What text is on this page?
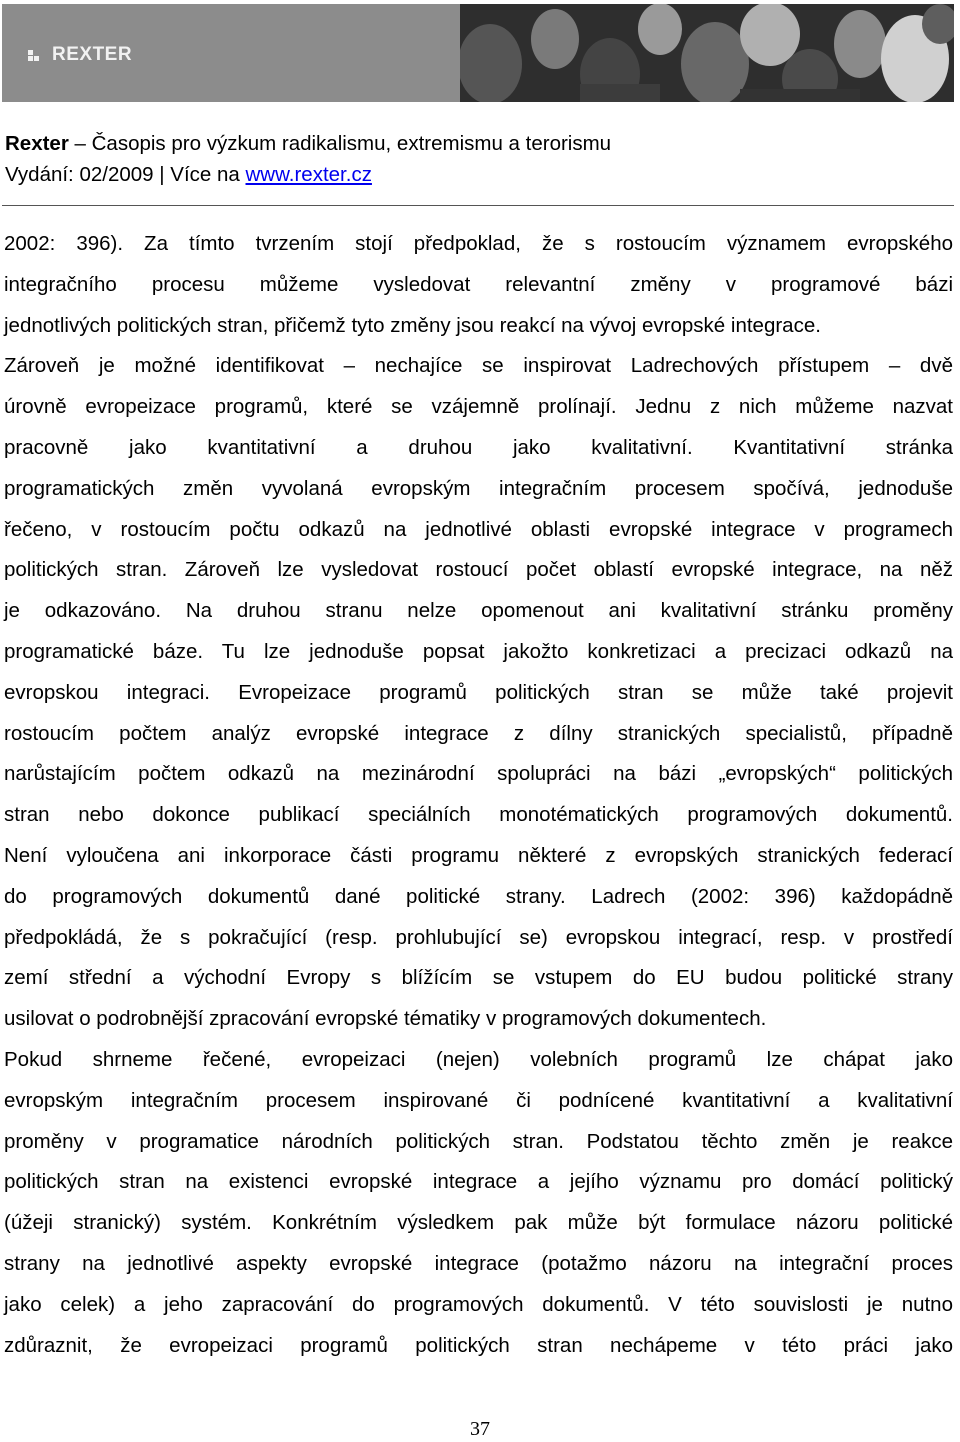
REXTER
Rexter – Časopis pro výzkum radikalismu, extremismu a terorismu
Vydání: 02/2009 | Více na www.rexter.cz
2002: 396). Za tímto tvrzením stojí předpoklad, že s rostoucím významem evropského
integračního procesu můžeme vysledovat relevantní změny v programové bázi
jednotlivých politických stran, přičemž tyto změny jsou reakcí na vývoj evropské integrace.
Zároveň je možné identifikovat – nechajíce se inspirovat Ladrechových přístupem – dvě
úrovně evropeizace programů, které se vzájemně prolínají. Jednu z nich můžeme nazvat
pracovně jako kvantitativní a druhou jako kvalitativní. Kvantitativní stránka
programatických změn vyvolaná evropským integračním procesem spočívá, jednoduše
řečeno, v rostoucím počtu odkazů na jednotlivé oblasti evropské integrace v programech
politických stran. Zároveň lze vysledovat rostoucí počet oblastí evropské integrace, na něž
je odkazováno. Na druhou stranu nelze opomenout ani kvalitativní stránku proměny
programatické báze. Tu lze jednoduše popsat jakožto konkretizaci a precizaci odkazů na
evropskou integraci. Evropeizace programů politických stran se může také projevit
rostoucím počtem analýz evropské integrace z dílny stranických specialistů, případně
narůstajícím počtem odkazů na mezinárodní spolupráci na bázi „evropských“ politických
stran nebo dokonce publikací speciálních monotématických programových dokumentů.
Není vyloučena ani inkorporace části programu některé z evropských stranických federací
do programových dokumentů dané politické strany. Ladrech (2002: 396) každopádně
předpokládá, že s pokračující (resp. prohlubující se) evropskou integrací, resp. v prostředí
zemí střední a východní Evropy s blížícím se vstupem do EU budou politické strany
usilovat o podrobnější zpracování evropské tématiky v programových dokumentech.
Pokud shrneme řečené, evropeizaci (nejen) volebních programů lze chápat jako
evropským integračním procesem inspirované či podnícené kvantitativní a kvalitativní
proměny v programatice národních politických stran. Podstatou těchto změn je reakce
politických stran na existenci evropské integrace a jejího významu pro domácí politický
(úžeji stranický) systém. Konkrétním výsledkem pak může být formulace názoru politické
strany na jednotlivé aspekty evropské integrace (potažmo názoru na integrační proces
jako celek) a jeho zapracování do programových dokumentů. V této souvislosti je nutno
zdůraznit, že evropeizaci programů politických stran nechápeme v této práci jako
37
